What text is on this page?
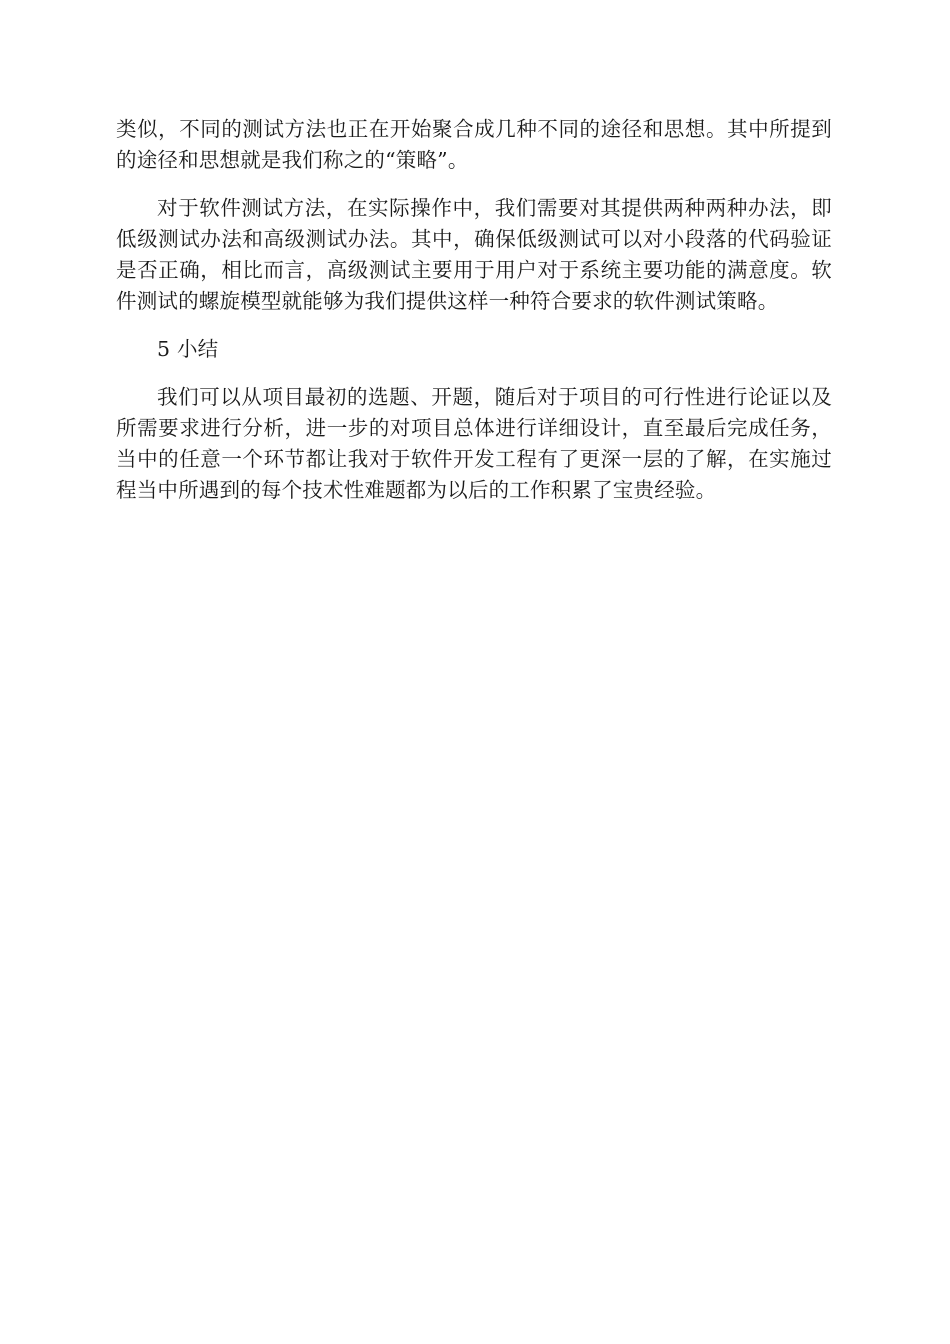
类似，不同的测试方法也正在开始聚合成几种不同的途径和思想。其中所提到的途径和思想就是我们称之的“策略”。

对于软件测试方法，在实际操作中，我们需要对其提供两种两种办法，即低级测试办法和高级测试办法。其中，确保低级测试可以对小段落的代码验证是否正确，相比而言，高级测试主要用于用户对于系统主要功能的满意度。软件测试的螺旋模型就能够为我们提供这样一种符合要求的软件测试策略。

5 小结

我们可以从项目最初的选题、开题，随后对于项目的可行性进行论证以及所需要求进行分析，进一步的对项目总体进行详细设计，直至最后完成任务，当中的任意一个环节都让我对于软件开发工程有了更深一层的了解，在实施过程当中所遇到的每个技术性难题都为以后的工作积累了宝贵经验。
